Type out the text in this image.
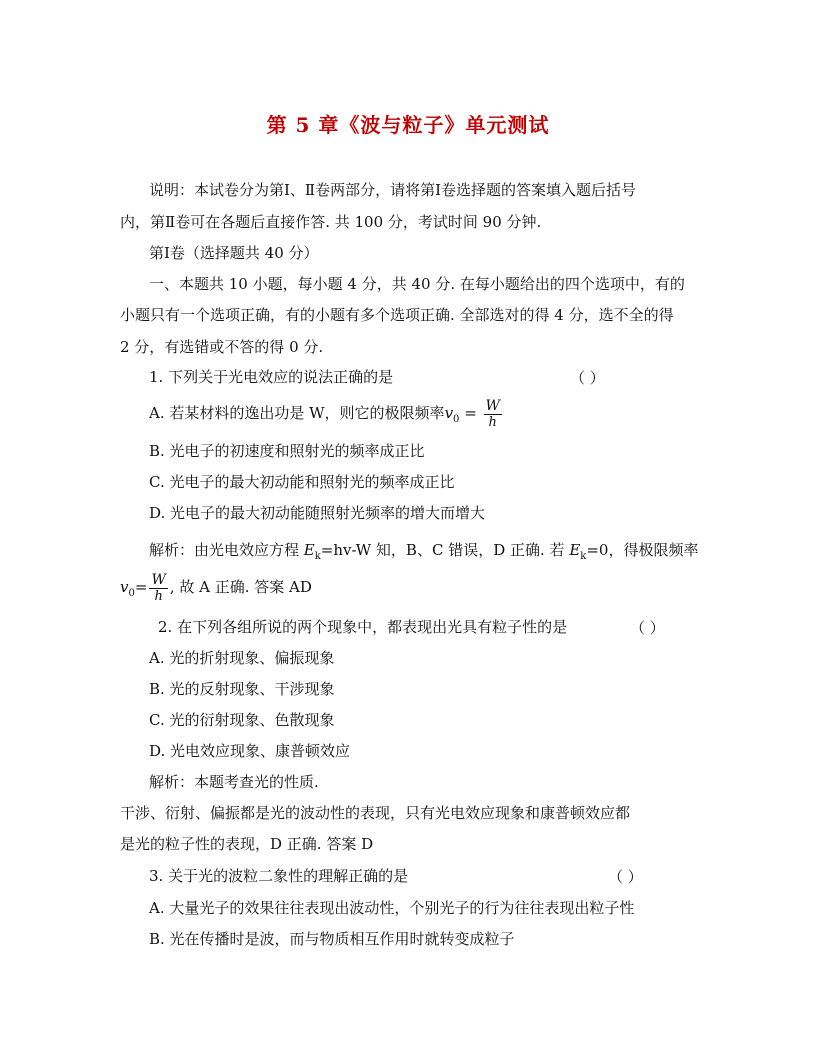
第 5 章《波与粒子》单元测试
说明：本试卷分为第Ⅰ、Ⅱ卷两部分，请将第Ⅰ卷选择题的答案填入题后括号
内，第Ⅱ卷可在各题后直接作答. 共 100 分，考试时间 90 分钟.
第Ⅰ卷（选择题共 40 分）
一、本题共 10 小题，每小题 4 分，共 40 分. 在每小题给出的四个选项中，有的
小题只有一个选项正确，有的小题有多个选项正确. 全部选对的得 4 分，选不全的得
2 分，有选错或不答的得 0 分.
1. 下列关于光电效应的说法正确的是	（ ）
A. 若某材料的逸出功是 W，则它的极限频率$v_0 = \frac{W}{h}$
B. 光电子的初速度和照射光的频率成正比
C. 光电子的最大初动能和照射光的频率成正比
D. 光电子的最大初动能随照射光频率的增大而增大
解析：由光电效应方程 $E_k=hv-W$ 知，B、C 错误，D 正确. 若 $E_k=0$，得极限频率
$v_0= \frac{W}{h}$ , 故 A 正确. 答案 AD
2. 在下列各组所说的两个现象中，都表现出光具有粒子性的是	（ ）
A. 光的折射现象、偏振现象
B. 光的反射现象、干涉现象
C. 光的衍射现象、色散现象
D. 光电效应现象、康普顿效应
解析：本题考查光的性质.
干涉、衍射、偏振都是光的波动性的表现，只有光电效应现象和康普顿效应都
是光的粒子性的表现，D 正确. 答案 D
3. 关于光的波粒二象性的理解正确的是	（ ）
A. 大量光子的效果往往表现出波动性，个别光子的行为往往表现出粒子性
B. 光在传播时是波，而与物质相互作用时就转变成粒子
